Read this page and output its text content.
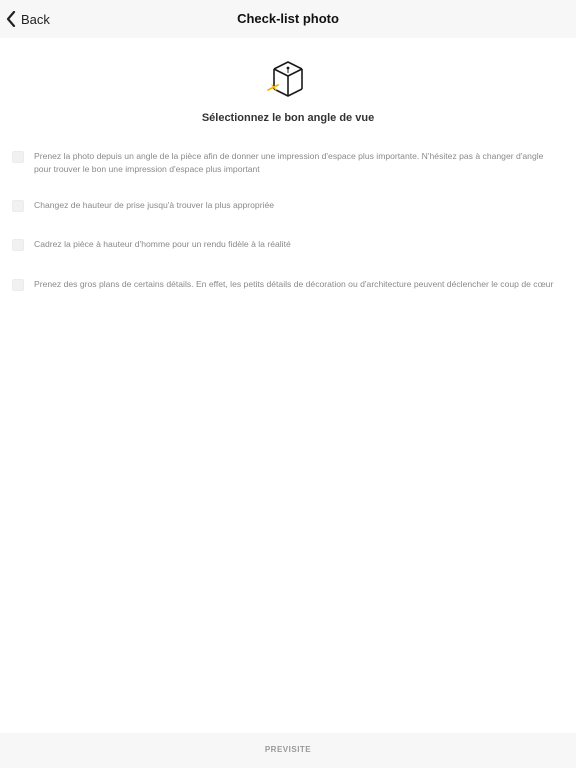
Back	Check-list photo
Sélectionnez le bon angle de vue
Prenez la photo depuis un angle de la pièce afin de donner une impression d'espace plus importante. N'hésitez pas à changer d'angle pour trouver le bon une impression d'espace plus important
Changez de hauteur de prise jusqu'à trouver la plus appropriée
Cadrez la pièce à hauteur d'homme pour un rendu fidèle à la réalité
Prenez des gros plans de certains détails. En effet, les petits détails de décoration ou d'architecture peuvent déclencher le coup de cœur
PREVISITE
